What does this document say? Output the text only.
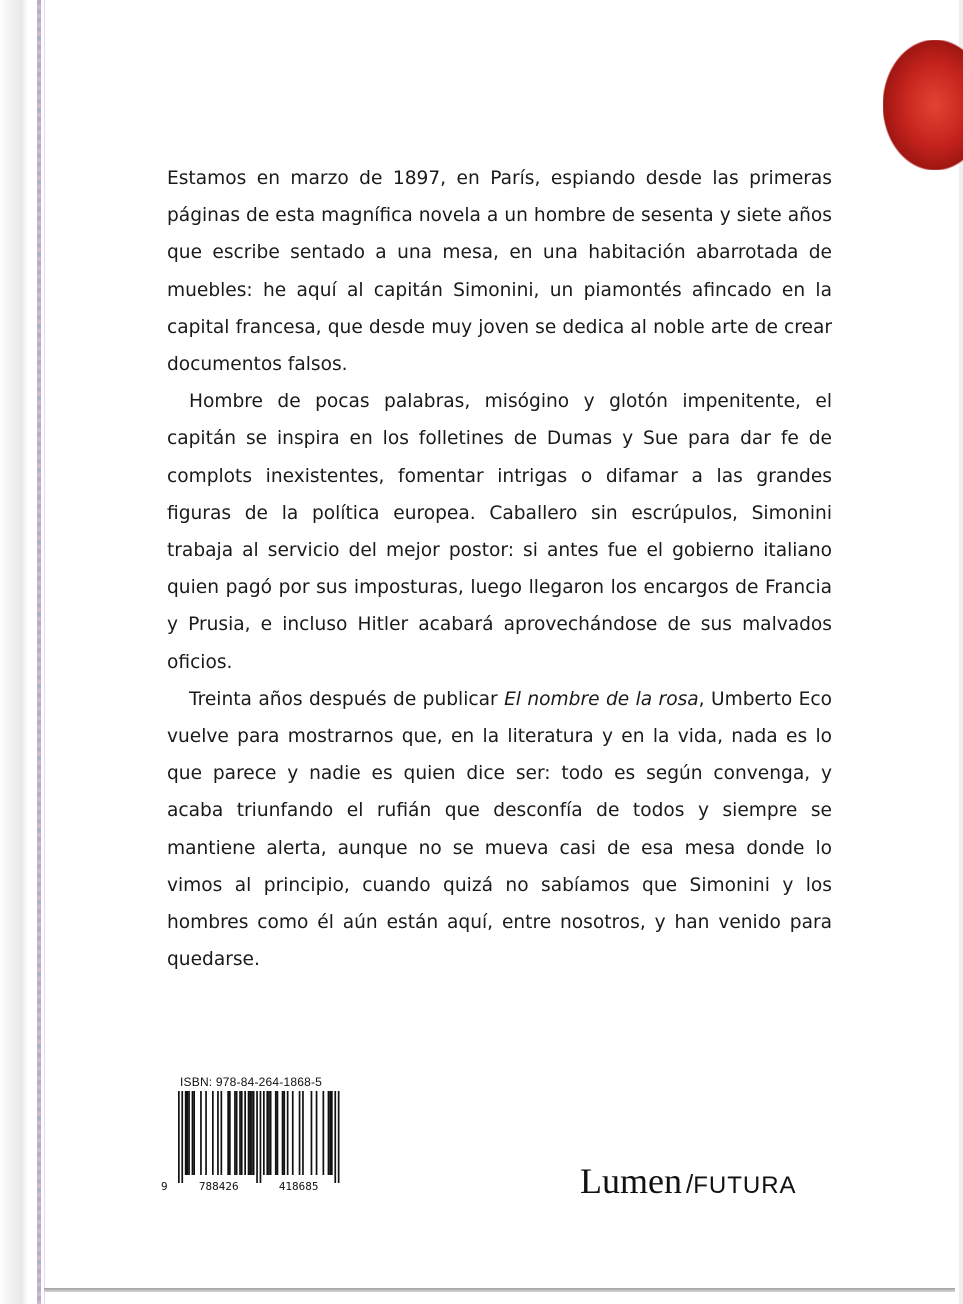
Estamos en marzo de 1897, en París, espiando desde las primeras páginas de esta magnífica novela a un hombre de sesenta y siete años que escribe sentado a una mesa, en una habitación abarrotada de muebles: he aquí al capitán Simonini, un piamontés afincado en la capital francesa, que desde muy joven se dedica al noble arte de crear documentos falsos.

Hombre de pocas palabras, misógino y glotón impenitente, el capitán se inspira en los folletines de Dumas y Sue para dar fe de complots inexistentes, fomentar intrigas o difamar a las grandes figuras de la política europea. Caballero sin escrúpulos, Simonini trabaja al servicio del mejor postor: si antes fue el gobierno italiano quien pagó por sus imposturas, luego llegaron los encargos de Francia y Prusia, e incluso Hitler acabará aprovechándose de sus malvados oficios.

Treinta años después de publicar El nombre de la rosa, Umberto Eco vuelve para mostrarnos que, en la literatura y en la vida, nada es lo que parece y nadie es quien dice ser: todo es según convenga, y acaba triunfando el rufián que desconfía de todos y siempre se mantiene alerta, aunque no se mueva casi de esa mesa donde lo vimos al principio, cuando quizá no sabíamos que Simonini y los hombres como él aún están aquí, entre nosotros, y han venido para quedarse.

ISBN: 978-84-264-1868-5
9	788426	418685	Lumen /FUTURA
